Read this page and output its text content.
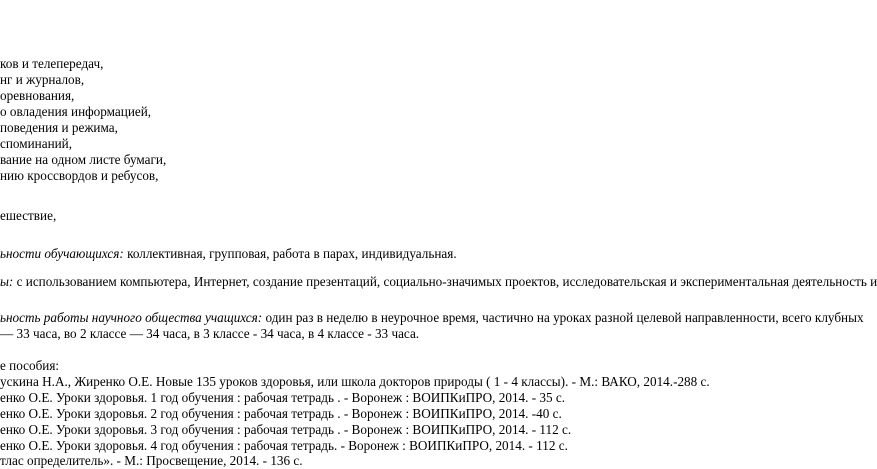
ков и телепередач,
нг и журналов,
оревнования,
о овладения информацией,
поведения и режима,
споминаний,
вание на одном листе бумаги,
нию кроссвордов и ребусов,
ешествие,
ьности обучающихся: коллективная, групповая, работа в парах, индивидуальная.
ы: с использованием компьютера, Интернет, создание презентаций, социально-значимых проектов, исследовательская и экспериментальная деятельность и
ьность работы научного общества учащихся: один раз в неделю в неурочное время, частично на уроках разной целевой направленности, всего клубных
— 33 часа, во 2 классе — 34 часа, в 3 классе - 34 часа, в 4 классе - 33 часа.
е пособия:
ускина Н.А., Жиренко О.Е. Новые 135 уроков здоровья, или школа докторов природы ( 1 - 4 классы). - М.: ВАКО, 2014.-288 с.
енко О.Е. Уроки здоровья. 1 год обучения : рабочая тетрадь . - Воронеж : ВОИПКиПРО, 2014. - 35 с.
енко О.Е. Уроки здоровья. 2 год обучения : рабочая тетрадь . - Воронеж : ВОИПКиПРО, 2014. -40 с.
енко О.Е. Уроки здоровья. 3 год обучения : рабочая тетрадь . - Воронеж : ВОИПКиПРО, 2014. - 112 с.
енко О.Е. Уроки здоровья. 4 год обучения : рабочая тетрадь. - Воронеж : ВОИПКиПРО, 2014. - 112 с.
тлас определитель». - М.: Просвещение, 2014. - 136 с.
